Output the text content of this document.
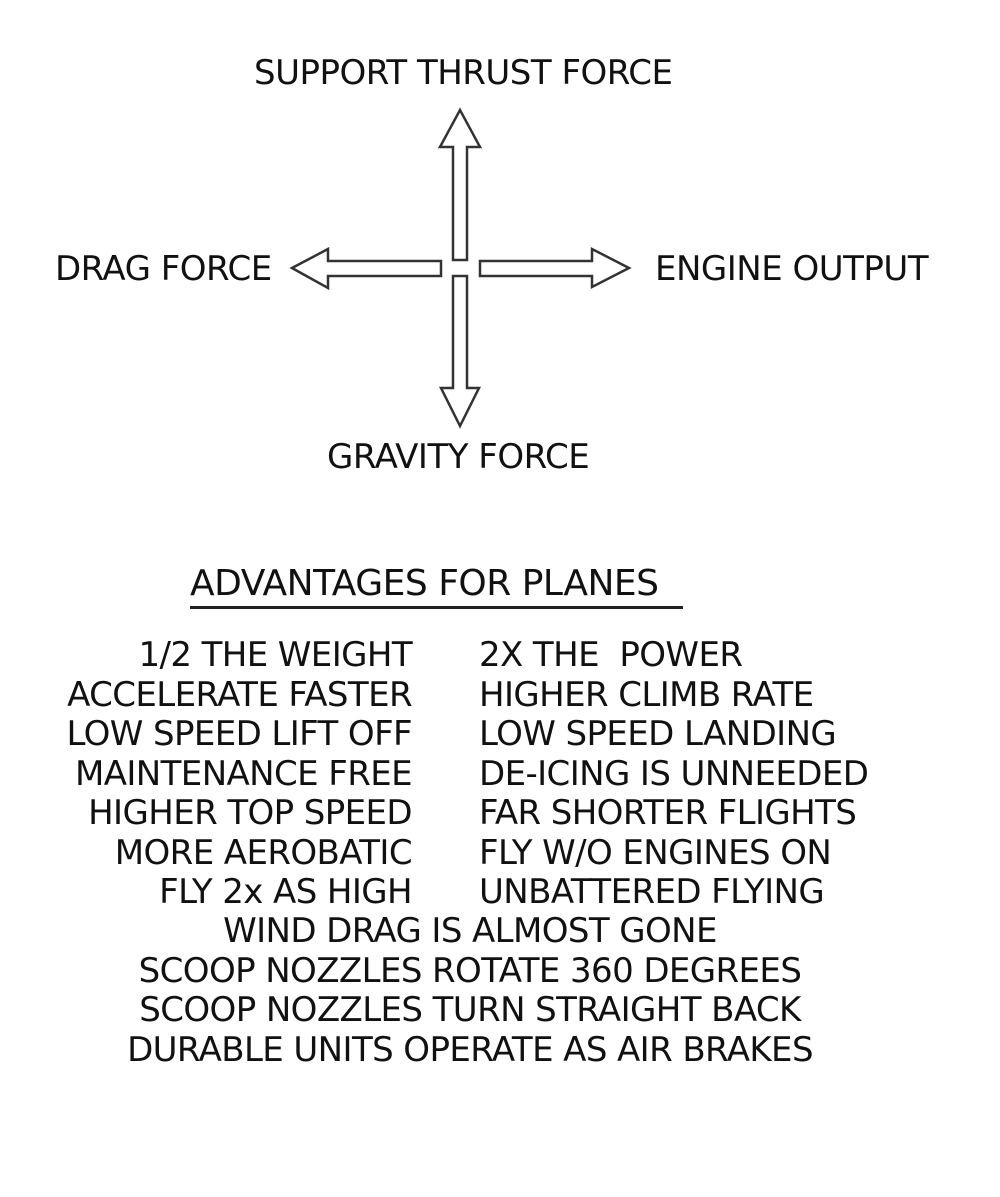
SUPPORT THRUST FORCE
DRAG FORCE	ENGINE OUTPUT
GRAVITY FORCE
ADVANTAGES FOR PLANES
1/2 THE WEIGHT
ACCELERATE FASTER
LOW SPEED LIFT OFF
MAINTENANCE FREE
HIGHER TOP SPEED
MORE AEROBATIC
FLY 2x AS HIGH
2X THE  POWER
HIGHER CLIMB RATE
LOW SPEED LANDING
DE-ICING IS UNNEEDED
FAR SHORTER FLIGHTS
FLY W/O ENGINES ON
UNBATTERED FLYING
WIND DRAG IS ALMOST GONE
SCOOP NOZZLES ROTATE 360 DEGREES
SCOOP NOZZLES TURN STRAIGHT BACK
DURABLE UNITS OPERATE AS AIR BRAKES
